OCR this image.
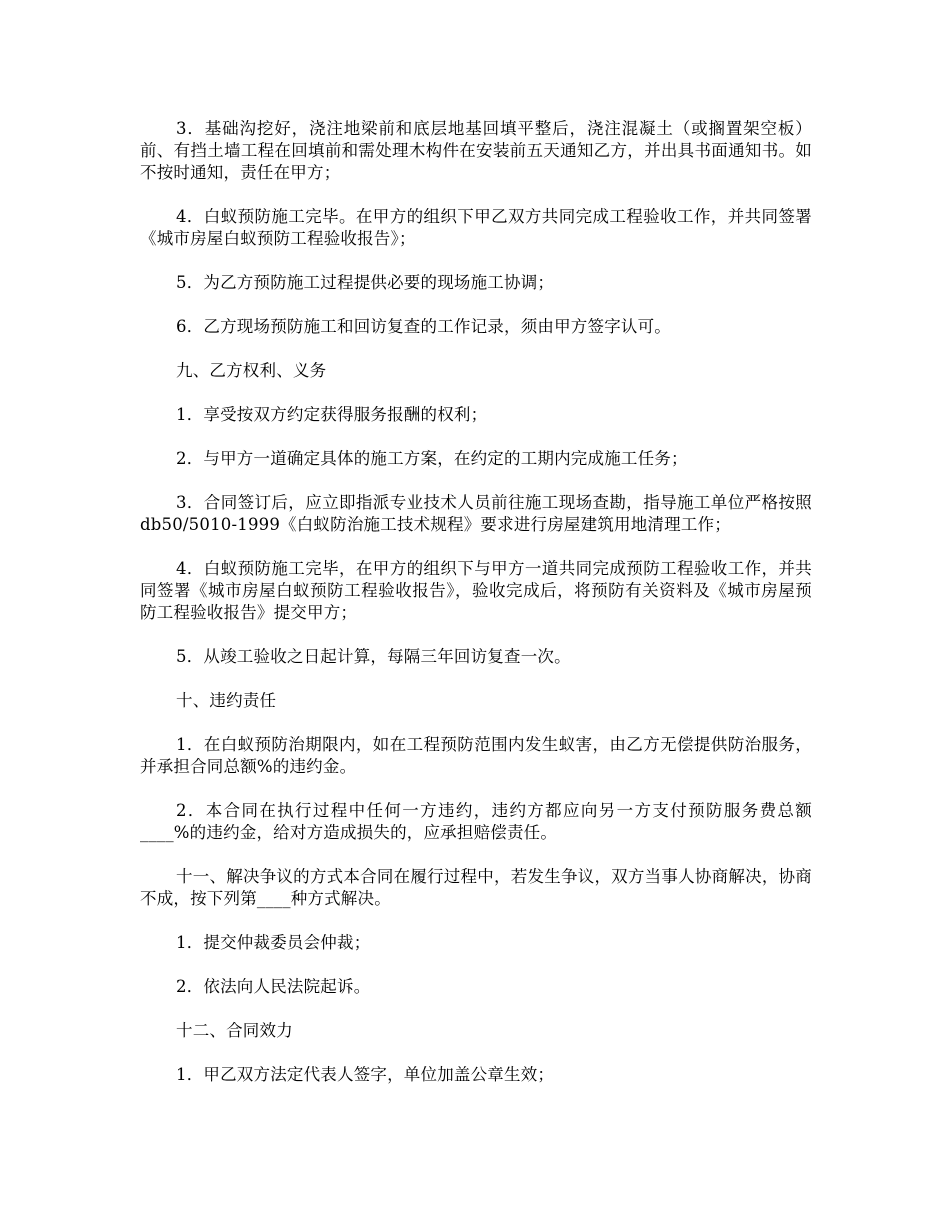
3．基础沟挖好，浇注地梁前和底层地基回填平整后，浇注混凝土（或搁置架空板）前、有挡土墙工程在回填前和需处理木构件在安装前五天通知乙方，并出具书面通知书。如不按时通知，责任在甲方；

4．白蚁预防施工完毕。在甲方的组织下甲乙双方共同完成工程验收工作，并共同签署《城市房屋白蚁预防工程验收报告》；

5．为乙方预防施工过程提供必要的现场施工协调；

6．乙方现场预防施工和回访复查的工作记录，须由甲方签字认可。

九、乙方权利、义务

1．享受按双方约定获得服务报酬的权利；

2．与甲方一道确定具体的施工方案，在约定的工期内完成施工任务；

3．合同签订后，应立即指派专业技术人员前往施工现场查勘，指导施工单位严格按照db50/5010-1999《白蚁防治施工技术规程》要求进行房屋建筑用地清理工作；

4．白蚁预防施工完毕，在甲方的组织下与甲方一道共同完成预防工程验收工作，并共同签署《城市房屋白蚁预防工程验收报告》，验收完成后，将预防有关资料及《城市房屋预防工程验收报告》提交甲方；

5．从竣工验收之日起计算，每隔三年回访复查一次。

十、违约责任

1．在白蚁预防治期限内，如在工程预防范围内发生蚁害，由乙方无偿提供防治服务，并承担合同总额%的违约金。

2．本合同在执行过程中任何一方违约，违约方都应向另一方支付预防服务费总额____%的违约金，给对方造成损失的，应承担赔偿责任。

十一、解决争议的方式本合同在履行过程中，若发生争议，双方当事人协商解决，协商不成，按下列第____种方式解决。

1．提交仲裁委员会仲裁；

2．依法向人民法院起诉。

十二、合同效力

1．甲乙双方法定代表人签字，单位加盖公章生效；
